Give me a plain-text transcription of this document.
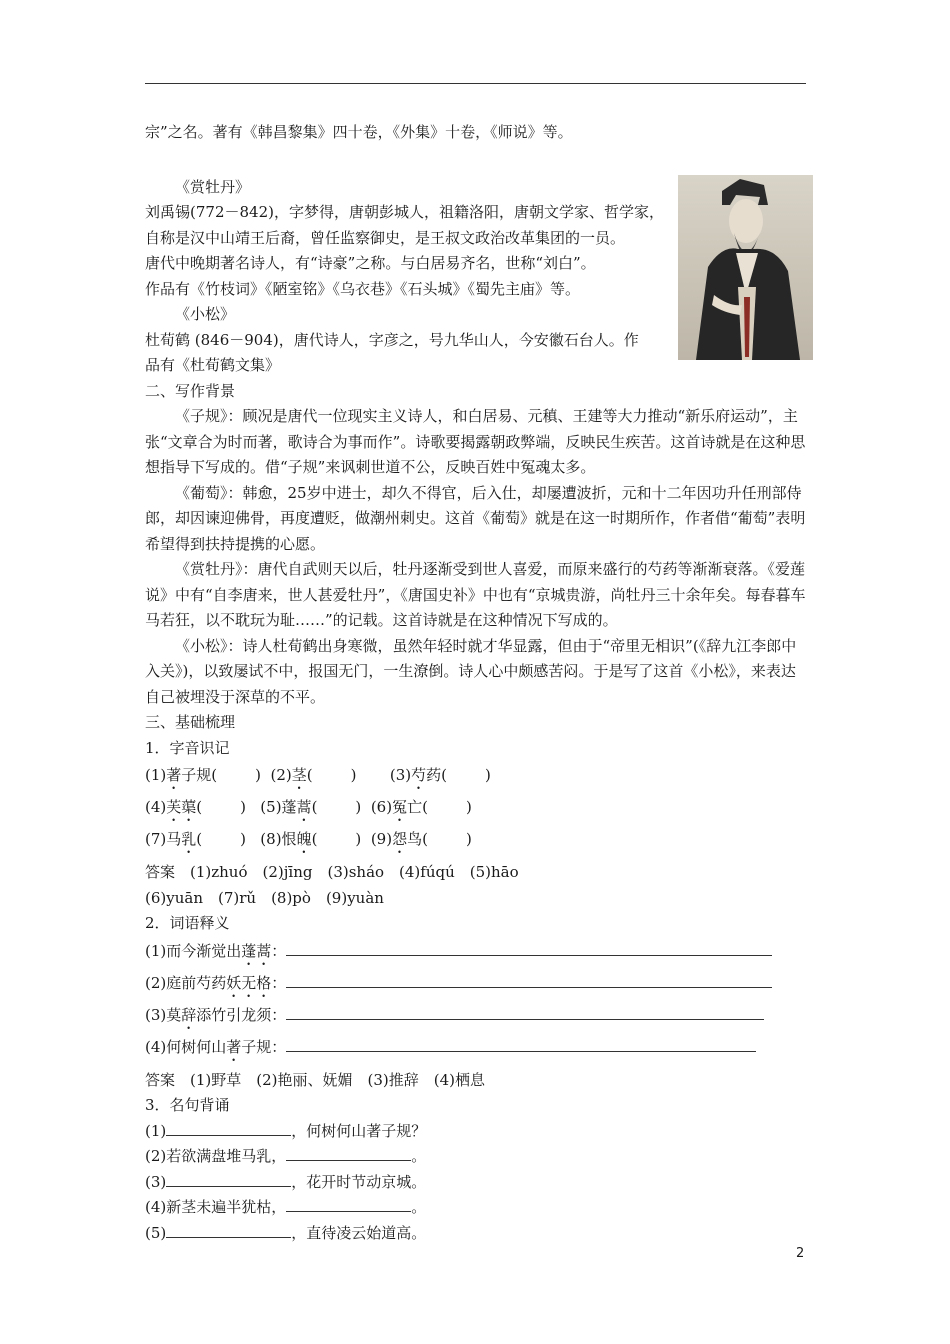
宗”之名。著有《韩昌黎集》四十卷，《外集》十卷，《师说》等。

《赏牡丹》

刘禹锡(772－842)，字梦得，唐朝彭城人，祖籍洛阳，唐朝文学家、哲学家，

自称是汉中山靖王后裔，曾任监察御史，是王叔文政治改革集团的一员。

唐代中晚期著名诗人，有“诗豪”之称。与白居易齐名，世称“刘白”。

作品有《竹枝词》《陋室铭》《乌衣巷》《石头城》《蜀先主庙》等。

《小松》

杜荀鹤 (846－904)，唐代诗人，字彦之，号九华山人，今安徽石台人。作

品有《杜荀鹤文集》

二、写作背景

《子规》：顾况是唐代一位现实主义诗人，和白居易、元稹、王建等大力推动“新乐府运动”，主张“文章合为时而著，歌诗合为事而作”。诗歌要揭露朝政弊端，反映民生疾苦。这首诗就是在这种思想指导下写成的。借“子规”来讽刺世道不公，反映百姓中冤魂太多。

《葡萄》：韩愈，25岁中进士，却久不得官，后入仕，却屡遭波折，元和十二年因功升任刑部侍郎，却因谏迎佛骨，再度遭贬，做潮州刺史。这首《葡萄》就是在这一时期所作，作者借“葡萄”表明希望得到扶持提携的心愿。

《赏牡丹》：唐代自武则天以后，牡丹逐渐受到世人喜爱，而原来盛行的芍药等渐渐衰落。《爱莲说》中有“自李唐来，世人甚爱牡丹”，《唐国史补》中也有“京城贵游，尚牡丹三十余年矣。每春暮车马若狂，以不耽玩为耻……”的记载。这首诗就是在这种情况下写成的。

《小松》：诗人杜荀鹤出身寒微，虽然年轻时就才华显露，但由于“帝里无相识”(《辞九江李郎中入关》)，以致屡试不中，报国无门，一生潦倒。诗人心中颇感苦闷。于是写了这首《小松》，来表达自己被埋没于深草的不平。

三、基础梳理

1．字音识记

(1)著子规(	) (2)茎(	) (3)芍药(	)

(4)芙蕖(	) (5)蓬蒿(	) (6)冤亡(	)

(7)马乳(	) (8)恨魄(	) (9)怨鸟(	)

答案　(1)zhuó　(2)jīng　(3)sháo　(4)fúqú　(5)hāo

(6)yuān　(7)rǔ　(8)pò　(9)yuàn

2．词语释义

(1)而今渐觉出蓬蒿：

(2)庭前芍药妖无格：

(3)莫辞添竹引龙须：

(4)何树何山著子规：

答案　(1)野草　(2)艳丽、妩媚　(3)推辞　(4)栖息

3．名句背诵

(1)	，何树何山著子规？

(2)若欲满盘堆马乳，	。

(3)	，花开时节动京城。

(4)新茎未遍半犹枯，	。

(5)	，直待凌云始道高。

2
